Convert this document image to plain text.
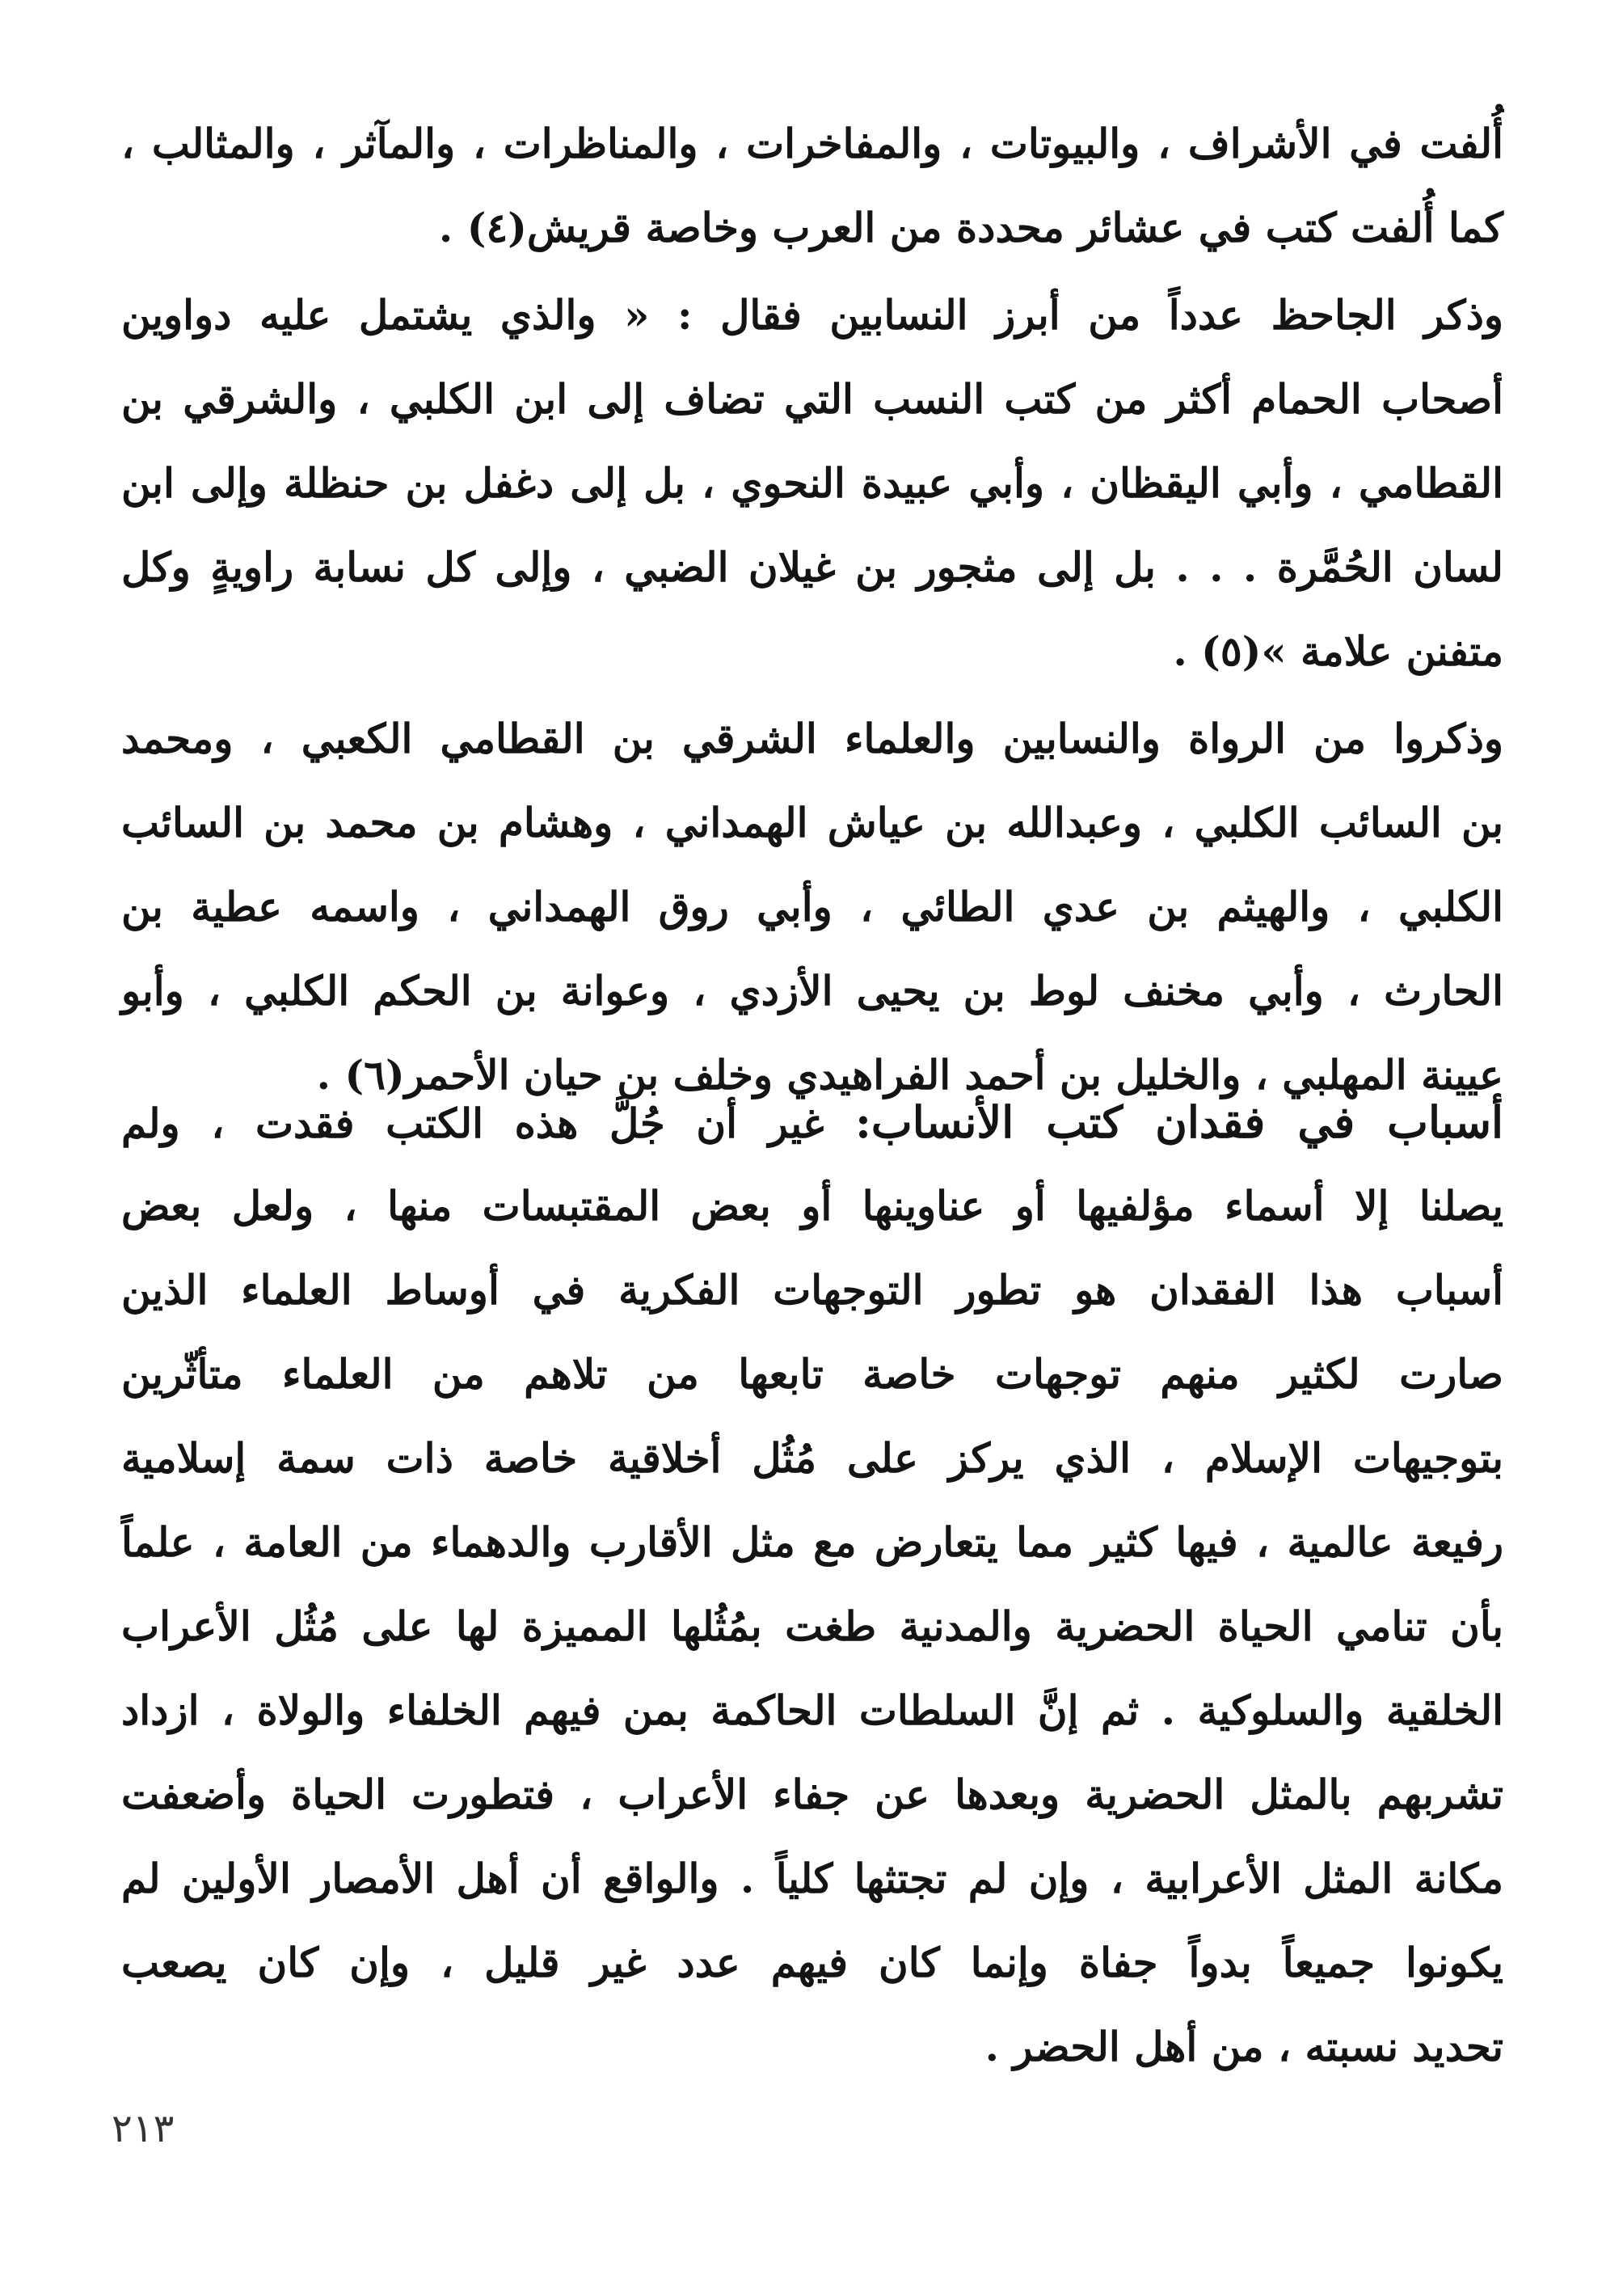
أُلفت في الأشراف ، والبيوتات ، والمفاخرات ، والمناظرات ، والمآثر ، والمثالب ،
كما أُلفت كتب في عشائر محددة من العرب وخاصة قريش(٤) .
وذكر الجاحظ عدداً من أبرز النسابين فقال : « والذي يشتمل عليه دواوين
أصحاب الحمام أكثر من كتب النسب التي تضاف إلى ابن الكلبي ، والشرقي بن
القطامي ، وأبي اليقظان ، وأبي عبيدة النحوي ، بل إلى دغفل بن حنظلة وإلى ابن
لسان الحُمَّرة . . . بل إلى مثجور بن غيلان الضبي ، وإلى كل نسابة راويةٍ وكل
متفنن علامة »(٥) .
وذكروا من الرواة والنسابين والعلماء الشرقي بن القطامي الكعبي ، ومحمد
بن السائب الكلبي ، وعبدالله بن عياش الهمداني ، وهشام بن محمد بن السائب
الكلبي ، والهيثم بن عدي الطائي ، وأبي روق الهمداني ، واسمه عطية بن
الحارث ، وأبي مخنف لوط بن يحيى الأزدي ، وعوانة بن الحكم الكلبي ، وأبو
عيينة المهلبي ، والخليل بن أحمد الفراهيدي وخلف بن حيان الأحمر(٦) .
أسباب في فقدان كتب الأنساب: غير أن جُلَّ هذه الكتب فقدت ، ولم
يصلنا إلا أسماء مؤلفيها أو عناوينها أو بعض المقتبسات منها ، ولعل بعض
أسباب هذا الفقدان هو تطور التوجهات الفكرية في أوساط العلماء الذين
صارت لكثير منهم توجهات خاصة تابعها من تلاهم من العلماء متأثّرين
بتوجيهات الإسلام ، الذي يركز على مُثُل أخلاقية خاصة ذات سمة إسلامية
رفيعة عالمية ، فيها كثير مما يتعارض مع مثل الأقارب والدهماء من العامة ، علماً
بأن تنامي الحياة الحضرية والمدنية طغت بمُثُلها المميزة لها على مُثُل الأعراب
الخلقية والسلوكية . ثم إنَّ السلطات الحاكمة بمن فيهم الخلفاء والولاة ، ازداد
تشربهم بالمثل الحضرية وبعدها عن جفاء الأعراب ، فتطورت الحياة وأضعفت
مكانة المثل الأعرابية ، وإن لم تجتثها كلياً . والواقع أن أهل الأمصار الأولين لم
يكونوا جميعاً بدواً جفاة وإنما كان فيهم عدد غير قليل ، وإن كان يصعب
تحديد نسبته ، من أهل الحضر .
٢١٣
